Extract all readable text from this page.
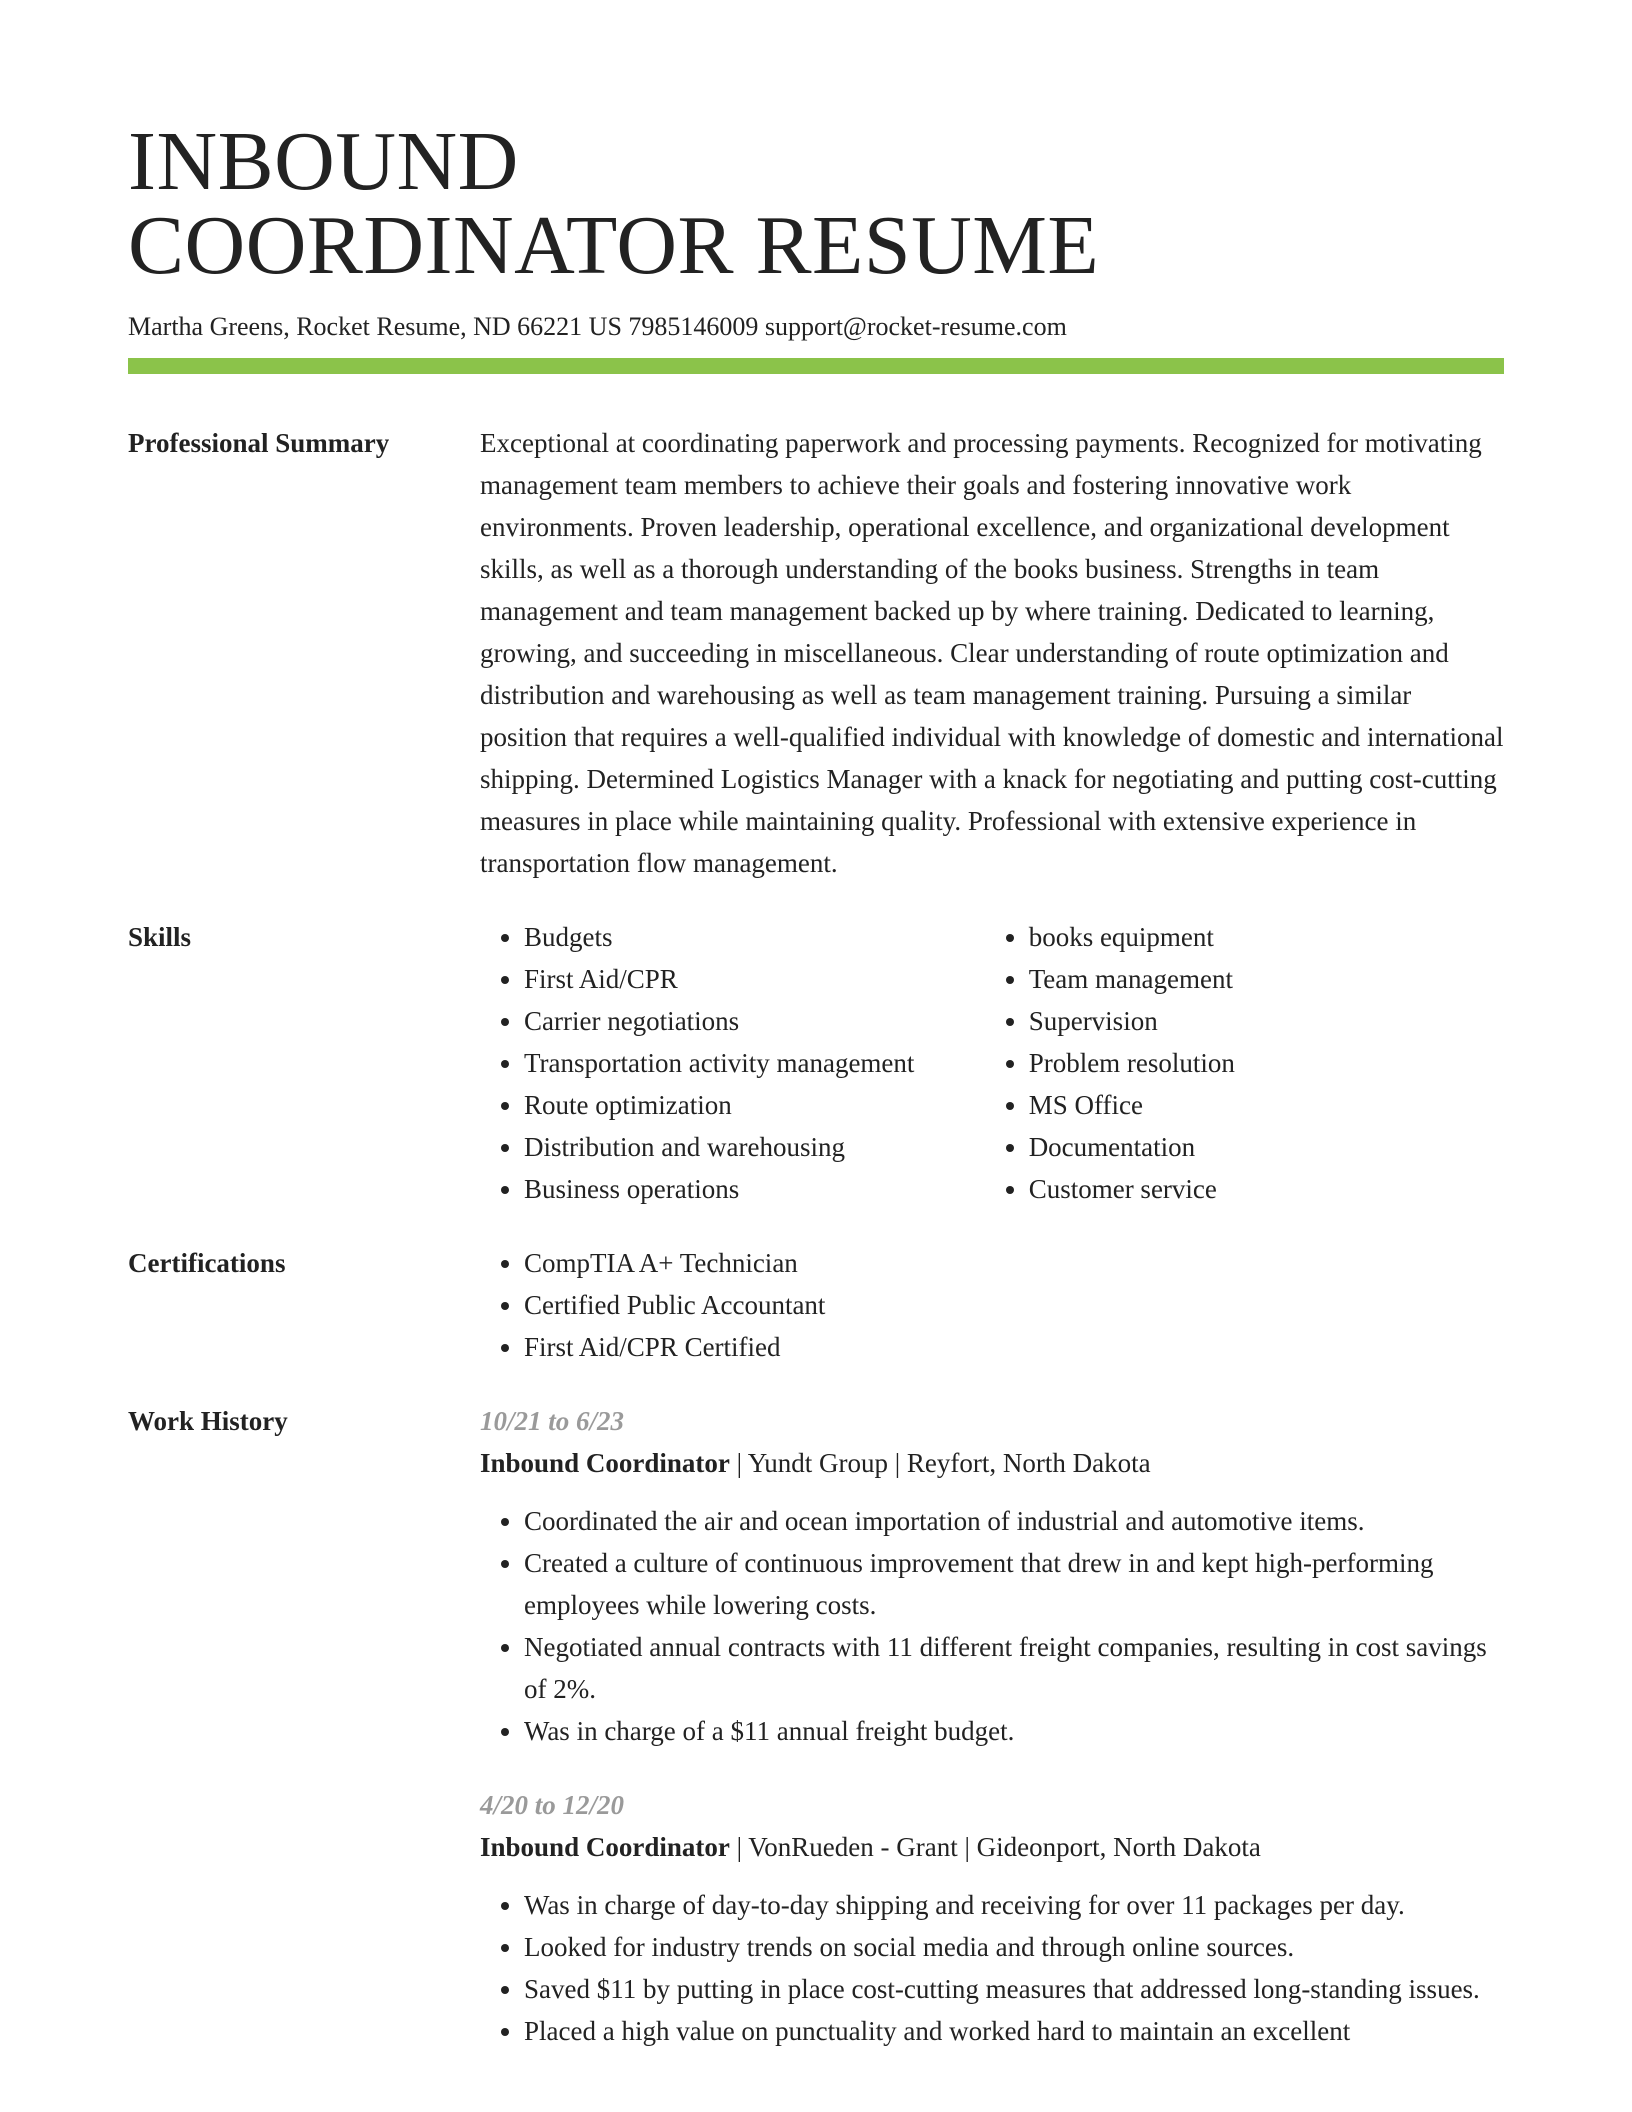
INBOUND
COORDINATOR RESUME
Martha Greens, Rocket Resume, ND 66221 US 7985146009 support@rocket-resume.com
Professional Summary	Exceptional at coordinating paperwork and processing payments. Recognized for motivating management team members to achieve their goals and fostering innovative work environments. Proven leadership, operational excellence, and organizational development skills, as well as a thorough understanding of the books business. Strengths in team management and team management backed up by where training. Dedicated to learning, growing, and succeeding in miscellaneous. Clear understanding of route optimization and distribution and warehousing as well as team management training. Pursuing a similar position that requires a well-qualified individual with knowledge of domestic and international shipping. Determined Logistics Manager with a knack for negotiating and putting cost-cutting measures in place while maintaining quality. Professional with extensive experience in transportation flow management.

Skills	• Budgets
• First Aid/CPR
• Carrier negotiations
• Transportation activity management
• Route optimization
• Distribution and warehousing
• Business operations
• books equipment
• Team management
• Supervision
• Problem resolution
• MS Office
• Documentation
• Customer service
Certifications	• CompTIA A+ Technician
• Certified Public Accountant
• First Aid/CPR Certified
Work History	10/21 to 6/23
Inbound Coordinator | Yundt Group | Reyfort, North Dakota
• Coordinated the air and ocean importation of industrial and automotive items.
• Created a culture of continuous improvement that drew in and kept high-performing employees while lowering costs.
• Negotiated annual contracts with 11 different freight companies, resulting in cost savings of 2%.
• Was in charge of a $11 annual freight budget.
4/20 to 12/20
Inbound Coordinator | VonRueden - Grant | Gideonport, North Dakota
• Was in charge of day-to-day shipping and receiving for over 11 packages per day.
• Looked for industry trends on social media and through online sources.
• Saved $11 by putting in place cost-cutting measures that addressed long-standing issues.
• Placed a high value on punctuality and worked hard to maintain an excellent
